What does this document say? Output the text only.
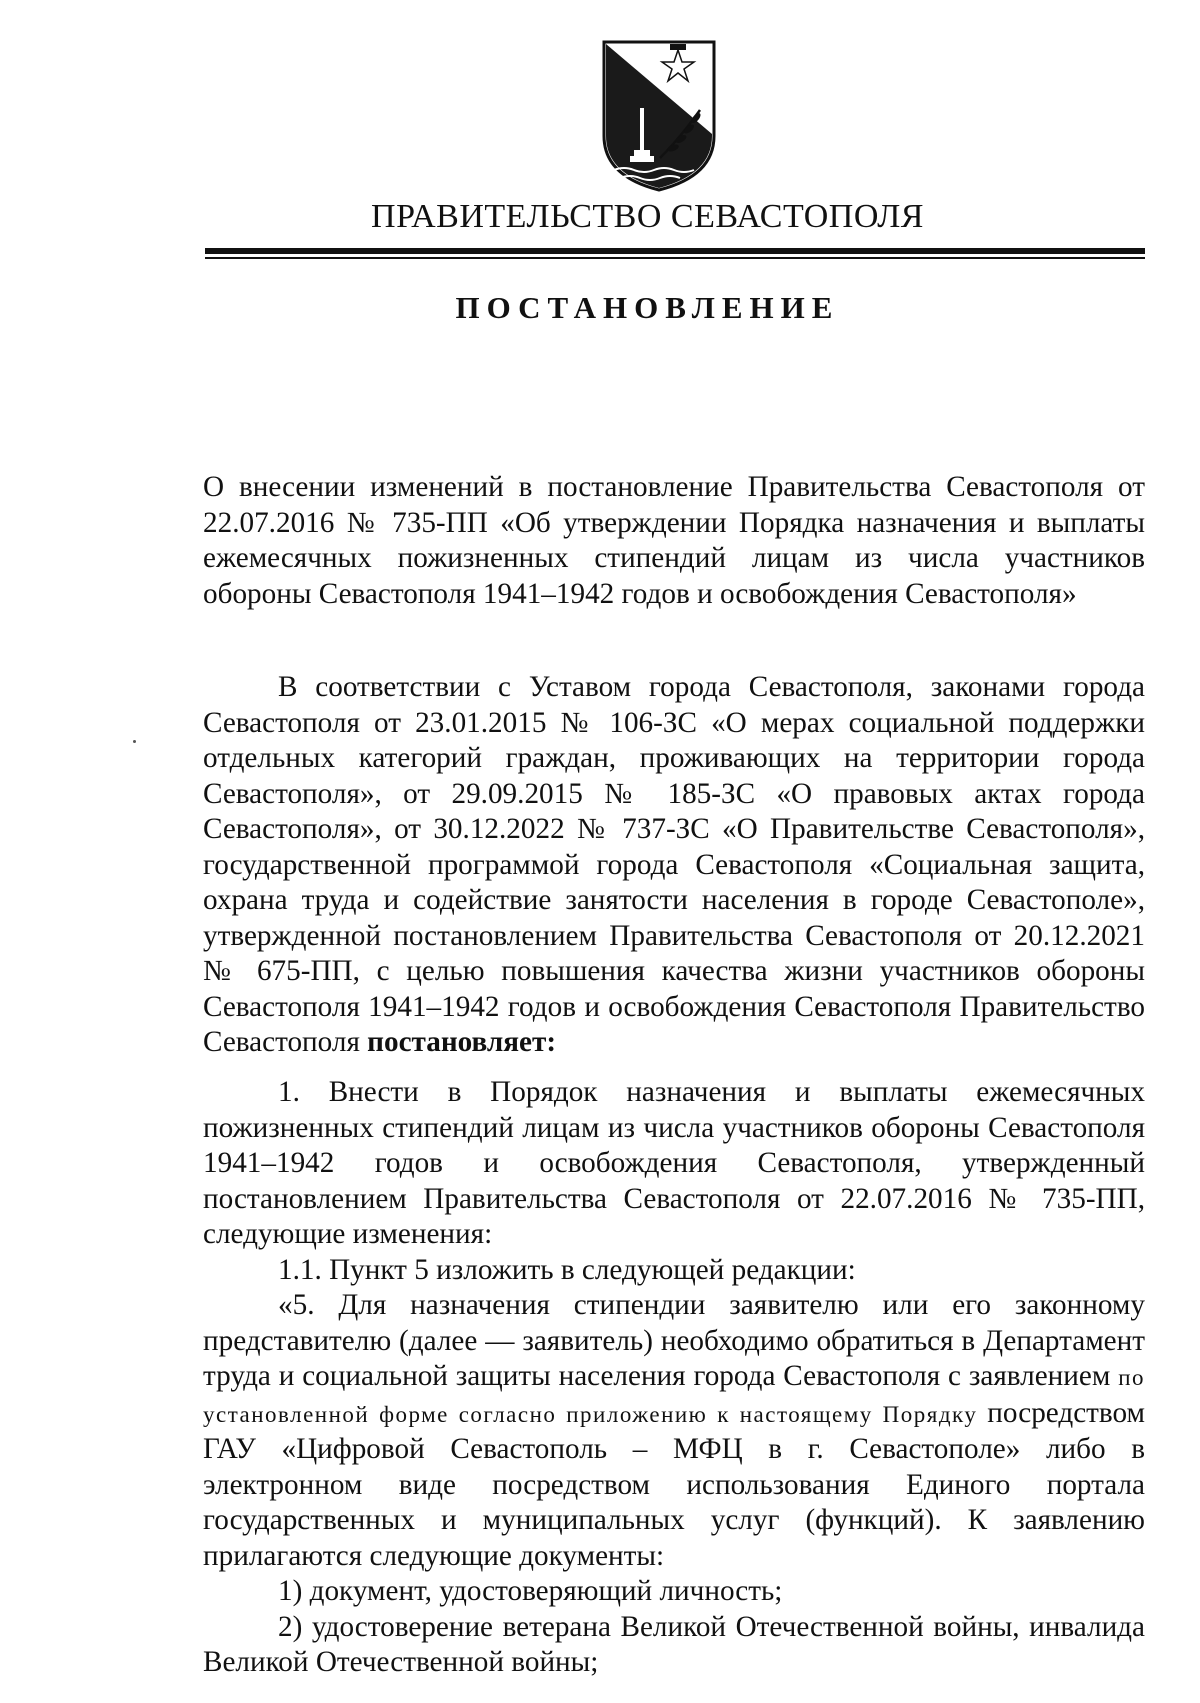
ПРАВИТЕЛЬСТВО СЕВАСТОПОЛЯ
ПОСТАНОВЛЕНИЕ

О внесении изменений в постановление Правительства Севастополя от 22.07.2016 № 735-ПП «Об утверждении Порядка назначения и выплаты ежемесячных пожизненных стипендий лицам из числа участников обороны Севастополя 1941–1942 годов и освобождения Севастополя»

В соответствии с Уставом города Севастополя, законами города Севастополя от 23.01.2015 № 106-ЗС «О мерах социальной поддержки отдельных категорий граждан, проживающих на территории города Севастополя», от 29.09.2015 № 185-ЗС «О правовых актах города Севастополя», от 30.12.2022 № 737-ЗС «О Правительстве Севастополя», государственной программой города Севастополя «Социальная защита, охрана труда и содействие занятости населения в городе Севастополе», утвержденной постановлением Правительства Севастополя от 20.12.2021 № 675-ПП, с целью повышения качества жизни участников обороны Севастополя 1941–1942 годов и освобождения Севастополя Правительство Севастополя постановляет:

1. Внести в Порядок назначения и выплаты ежемесячных пожизненных стипендий лицам из числа участников обороны Севастополя 1941–1942 годов и освобождения Севастополя, утвержденный постановлением Правительства Севастополя от 22.07.2016 № 735-ПП, следующие изменения:

1.1. Пункт 5 изложить в следующей редакции:

«5. Для назначения стипендии заявителю или его законному представителю (далее — заявитель) необходимо обратиться в Департамент труда и социальной защиты населения города Севастополя с заявлением по установленной форме согласно приложению к настоящему Порядку посредством ГАУ «Цифровой Севастополь – МФЦ в г. Севастополе» либо в электронном виде посредством использования Единого портала государственных и муниципальных услуг (функций). К заявлению прилагаются следующие документы:

1) документ, удостоверяющий личность;

2) удостоверение ветерана Великой Отечественной войны, инвалида Великой Отечественной войны;
